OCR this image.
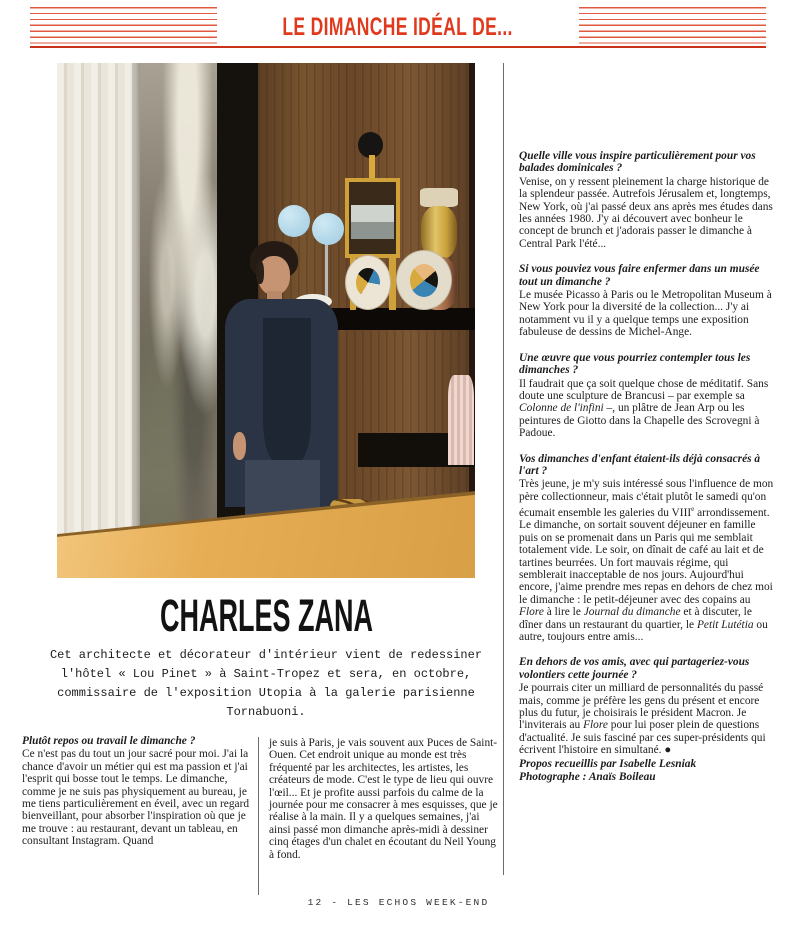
LE DIMANCHE IDÉAL DE...
CHARLES ZANA
Cet architecte et décorateur d'intérieur vient de redessiner l'hôtel « Lou Pinet » à Saint-Tropez et sera, en octobre, commissaire de l'exposition Utopia à la galerie parisienne Tornabuoni.

Plutôt repos ou travail le dimanche ?

Ce n'est pas du tout un jour sacré pour moi. J'ai la chance d'avoir un métier qui est ma passion et j'ai l'esprit qui bosse tout le temps. Le dimanche, comme je ne suis pas physiquement au bureau, je me tiens particulièrement en éveil, avec un regard bienveillant, pour absorber l'inspiration où que je me trouve : au restaurant, devant un tableau, en consultant Instagram. Quand

je suis à Paris, je vais souvent aux Puces de Saint-Ouen. Cet endroit unique au monde est très fréquenté par les architectes, les artistes, les créateurs de mode. C'est le type de lieu qui ouvre l'œil... Et je profite aussi parfois du calme de la journée pour me consacrer à mes esquisses, que je réalise à la main. Il y a quelques semaines, j'ai ainsi passé mon dimanche après-midi à dessiner cinq étages d'un chalet en écoutant du Neil Young à fond.

Quelle ville vous inspire particulièrement pour vos balades dominicales ?

Venise, on y ressent pleinement la charge historique de la splendeur passée. Autrefois Jérusalem et, longtemps, New York, où j'ai passé deux ans après mes études dans les années 1980. J'y ai découvert avec bonheur le concept de brunch et j'adorais passer le dimanche à Central Park l'été...

Si vous pouviez vous faire enfermer dans un musée tout un dimanche ?

Le musée Picasso à Paris ou le Metropolitan Museum à New York pour la diversité de la collection... J'y ai notamment vu il y a quelque temps une exposition fabuleuse de dessins de Michel-Ange.

Une œuvre que vous pourriez contempler tous les dimanches ?

Il faudrait que ça soit quelque chose de méditatif. Sans doute une sculpture de Brancusi – par exemple sa Colonne de l'infini –, un plâtre de Jean Arp ou les peintures de Giotto dans la Chapelle des Scrovegni à Padoue.

Vos dimanches d'enfant étaient-ils déjà consacrés à l'art ?

Très jeune, je m'y suis intéressé sous l'influence de mon père collectionneur, mais c'était plutôt le samedi qu'on écumait ensemble les galeries du VIIIe arrondissement. Le dimanche, on sortait souvent déjeuner en famille puis on se promenait dans un Paris qui me semblait totalement vide. Le soir, on dînait de café au lait et de tartines beurrées. Un fort mauvais régime, qui semblerait inacceptable de nos jours. Aujourd'hui encore, j'aime prendre mes repas en dehors de chez moi le dimanche : le petit-déjeuner avec des copains au Flore à lire le Journal du dimanche et à discuter, le dîner dans un restaurant du quartier, le Petit Lutétia ou autre, toujours entre amis...

En dehors de vos amis, avec qui partageriez-vous volontiers cette journée ?

Je pourrais citer un milliard de personnalités du passé mais, comme je préfère les gens du présent et encore plus du futur, je choisirais le président Macron. Je l'inviterais au Flore pour lui poser plein de questions d'actualité. Je suis fasciné par ces super-présidents qui écrivent l'histoire en simultané. ●

Propos recueillis par Isabelle Lesniak
Photographe : Anaïs Boileau
12 - LES ECHOS WEEK-END
